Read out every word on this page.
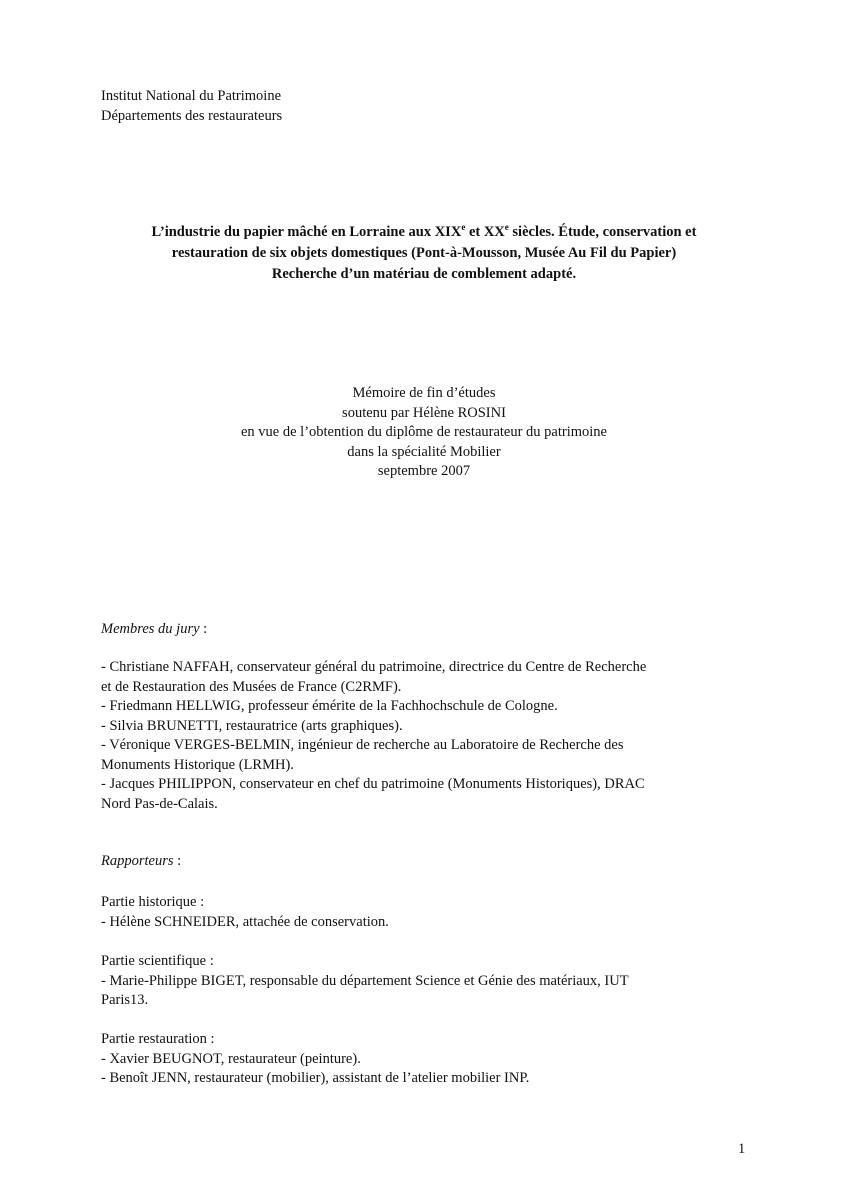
Institut National du Patrimoine
Départements des restaurateurs
L’industrie du papier mâché en Lorraine aux XIXe et XXe siècles. Étude, conservation et
restauration de six objets domestiques (Pont-à-Mousson, Musée Au Fil du Papier)
Recherche d’un matériau de comblement adapté.
Mémoire de fin d’études
soutenu par Hélène ROSINI
en vue de l’obtention du diplôme de restaurateur du patrimoine
dans la spécialité Mobilier
septembre 2007
Membres du jury :
- Christiane NAFFAH, conservateur général du patrimoine, directrice du Centre de Recherche
et de Restauration des Musées de France (C2RMF).
- Friedmann HELLWIG, professeur émérite de la Fachhochschule de Cologne.
- Silvia BRUNETTI, restauratrice (arts graphiques).
- Véronique VERGES-BELMIN, ingénieur de recherche au Laboratoire de Recherche des
Monuments Historique (LRMH).
- Jacques PHILIPPON, conservateur en chef du patrimoine (Monuments Historiques), DRAC
Nord Pas-de-Calais.
Rapporteurs :
Partie historique :
- Hélène SCHNEIDER, attachée de conservation.
Partie scientifique :
- Marie-Philippe BIGET, responsable du département Science et Génie des matériaux, IUT
Paris13.
Partie restauration :
- Xavier BEUGNOT, restaurateur (peinture).
- Benoît JENN, restaurateur (mobilier), assistant de l’atelier mobilier INP.
1
